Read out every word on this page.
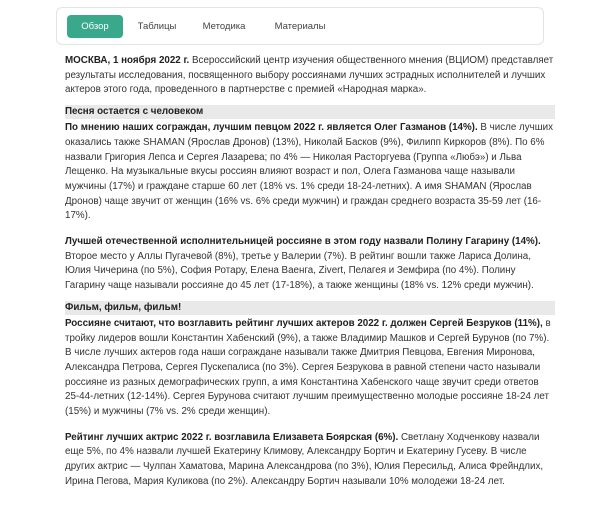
Обзор	Таблицы	Методика	Материалы

МОСКВА, 1 ноября 2022 г. Всероссийский центр изучения общественного мнения (ВЦИОМ) представляет результаты исследования, посвященного выбору россиянами лучших эстрадных исполнителей и лучших актеров этого года, проведенного в партнерстве с премией «Народная марка».

Песня остается с человеком

По мнению наших сограждан, лучшим певцом 2022 г. является Олег Газманов (14%). В числе лучших оказались также SHAMAN (Ярослав Дронов) (13%), Николай Басков (9%), Филипп Киркоров (8%). По 6% назвали Григория Лепса и Сергея Лазарева; по 4% — Николая Расторгуева (Группа «Любэ») и Льва Лещенко. На музыкальные вкусы россиян влияют возраст и пол, Олега Газманова чаще называли мужчины (17%) и граждане старше 60 лет (18% vs. 1% среди 18-24-летних). А имя SHAMAN (Ярослав Дронов) чаще звучит от женщин (16% vs. 6% среди мужчин) и граждан среднего возраста 35-59 лет (16-17%).

Лучшей отечественной исполнительницей россияне в этом году назвали Полину Гагарину (14%). Второе место у Аллы Пугачевой (8%), третье у Валерии (7%). В рейтинг вошли также Лариса Долина, Юлия Чичерина (по 5%), София Ротару, Елена Ваенга, Zivert, Пелагея и Земфира (по 4%). Полину Гагарину чаще называли россияне до 45 лет (17-18%), а также женщины (18% vs. 12% среди мужчин).

Фильм, фильм, фильм!

Россияне считают, что возглавить рейтинг лучших актеров 2022 г. должен Сергей Безруков (11%), в тройку лидеров вошли Константин Хабенский (9%), а также Владимир Машков и Сергей Бурунов (по 7%). В числе лучших актеров года наши сограждане называли также Дмитрия Певцова, Евгения Миронова, Александра Петрова, Сергея Пускепалиса (по 3%). Сергея Безрукова в равной степени часто называли россияне из разных демографических групп, а имя Константина Хабенского чаще звучит среди ответов 25-44-летних (12-14%). Сергея Бурунова считают лучшим преимущественно молодые россияне 18-24 лет (15%) и мужчины (7% vs. 2% среди женщин).

Рейтинг лучших актрис 2022 г. возглавила Елизавета Боярская (6%). Светлану Ходченкову назвали еще 5%, по 4% назвали лучшей Екатерину Климову, Александру Бортич и Екатерину Гусеву. В числе других актрис — Чулпан Хаматова, Марина Александрова (по 3%), Юлия Пересильд, Алиса Фрейндлих, Ирина Пегова, Мария Куликова (по 2%). Александру Бортич называли 10% молодежи 18-24 лет.
